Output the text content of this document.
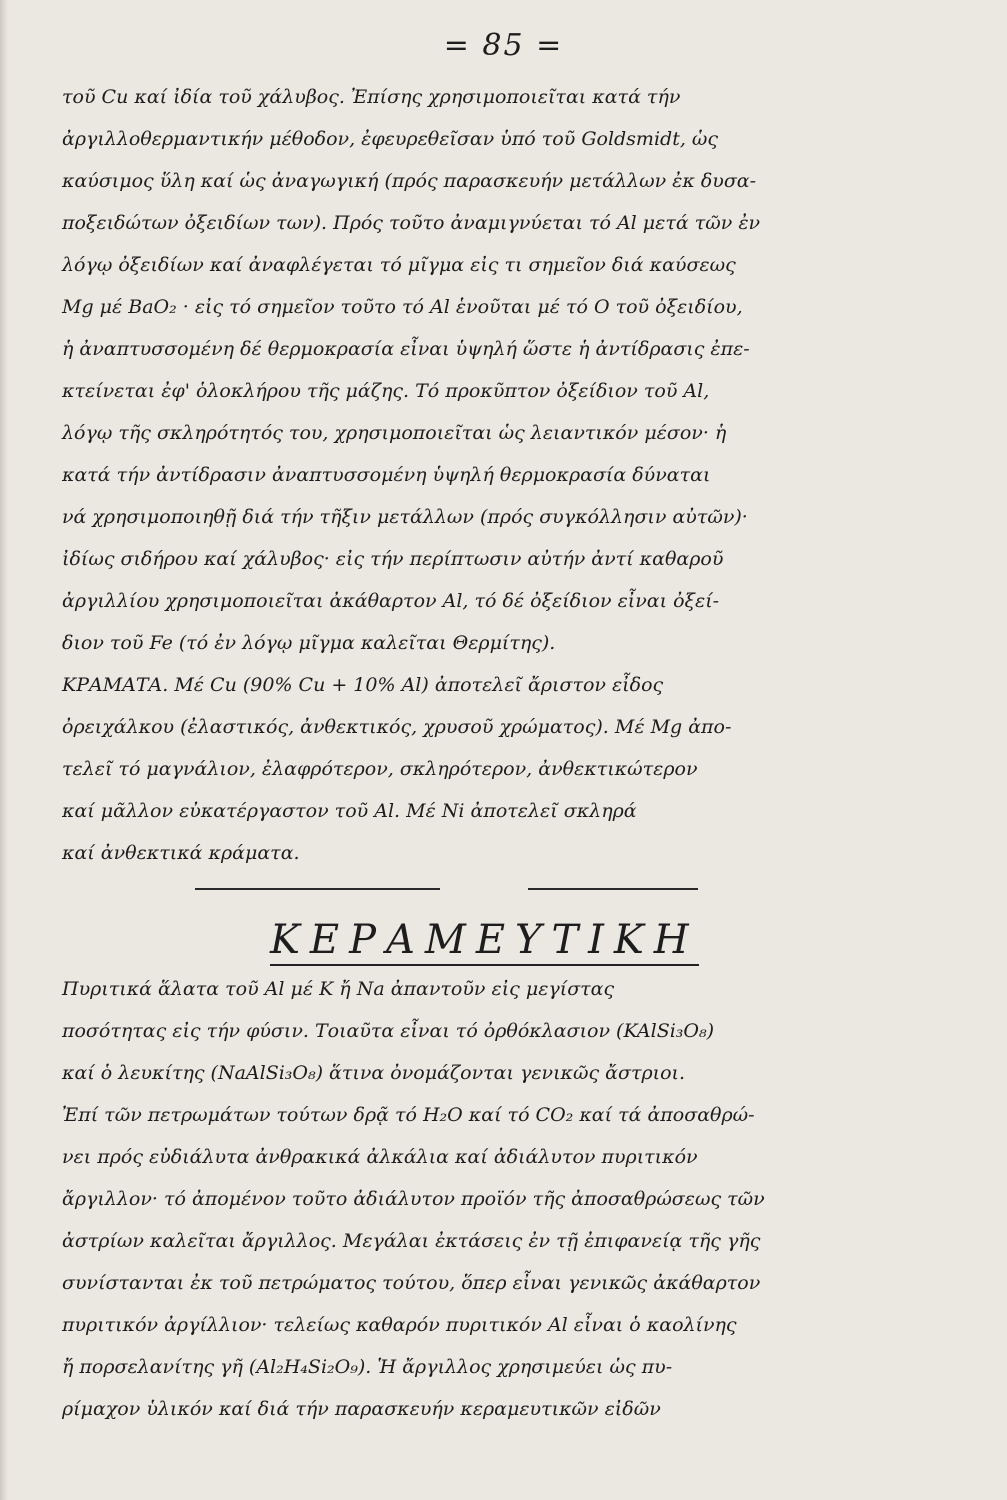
= 85 =
τοῦ Cu καί ἰδία τοῦ χάλυβος. Ἐπίσης χρησιμοποιεῖται κατά τήν
ἀργιλλοθερμαντικήν μέθοδον, ἐφευρεθεῖσαν ὑπό τοῦ Goldsmidt, ὡς
καύσιμος ὕλη καί ὡς ἀναγωγική (πρός παρασκευήν μετάλλων ἐκ δυσα-
ποξειδώτων ὀξειδίων των). Πρός τοῦτο ἀναμιγνύεται τό Al μετά τῶν ἐν
λόγῳ ὀξειδίων καί ἀναφλέγεται τό μῖγμα εἰς τι σημεῖον διά καύσεως
Mg μέ BaO₂ · εἰς τό σημεῖον τοῦτο τό Al ἑνοῦται μέ τό O τοῦ ὀξειδίου,
ἡ ἀναπτυσσομένη δέ θερμοκρασία εἶναι ὑψηλή ὥστε ἡ ἀντίδρασις ἐπε-
κτείνεται ἐφ' ὁλοκλήρου τῆς μάζης. Τό προκῦπτον ὀξείδιον τοῦ Al,
λόγῳ τῆς σκληρότητός του, χρησιμοποιεῖται ὡς λειαντικόν μέσον· ἡ
κατά τήν ἀντίδρασιν ἀναπτυσσομένη ὑψηλή θερμοκρασία δύναται
νά χρησιμοποιηθῇ διά τήν τῆξιν μετάλλων (πρός συγκόλλησιν αὐτῶν)·
ἰδίως σιδήρου καί χάλυβος· εἰς τήν περίπτωσιν αὐτήν ἀντί καθαροῦ
ἀργιλλίου χρησιμοποιεῖται ἀκάθαρτον Al, τό δέ ὀξείδιον εἶναι ὀξεί-
διον τοῦ Fe (τό ἐν λόγῳ μῖγμα καλεῖται Θερμίτης).
ΚΡΑΜΑΤΑ. Μέ Cu (90% Cu + 10% Al) ἀποτελεῖ ἄριστον εἶδος
ὀρειχάλκου (ἐλαστικός, ἀνθεκτικός, χρυσοῦ χρώματος). Μέ Mg ἀπο-
τελεῖ τό μαγνάλιον, ἐλαφρότερον, σκληρότερον, ἀνθεκτικώτερον
καί μᾶλλον εὐκατέργαστον τοῦ Al. Μέ Ni ἀποτελεῖ σκληρά
καί ἀνθεκτικά κράματα.
ΚΕΡΑΜΕΥΤΙΚΗ
Πυριτικά ἅλατα τοῦ Al μέ K ἤ Na ἀπαντοῦν εἰς μεγίστας
ποσότητας εἰς τήν φύσιν. Τοιαῦτα εἶναι τό ὀρθόκλασιον (KAlSi₃O₈)
καί ὁ λευκίτης (NaAlSi₃O₈) ἅτινα ὀνομάζονται γενικῶς ἄστριοι.
Ἐπί τῶν πετρωμάτων τούτων δρᾷ τό H₂O καί τό CO₂ καί τά ἀποσαθρώ-
νει πρός εὐδιάλυτα ἀνθρακικά ἀλκάλια καί ἀδιάλυτον πυριτικόν
ἄργιλλον· τό ἀπομένον τοῦτο ἀδιάλυτον προϊόν τῆς ἀποσαθρώσεως τῶν
ἀστρίων καλεῖται ἄργιλλος. Μεγάλαι ἐκτάσεις ἐν τῇ ἐπιφανείᾳ τῆς γῆς
συνίστανται ἐκ τοῦ πετρώματος τούτου, ὅπερ εἶναι γενικῶς ἀκάθαρτον
πυριτικόν ἀργίλλιον· τελείως καθαρόν πυριτικόν Al εἶναι ὁ καολίνης
ἤ πορσελανίτης γῆ (Al₂H₄Si₂O₉). Ἡ ἄργιλλος χρησιμεύει ὡς πυ-
ρίμαχον ὑλικόν καί διά τήν παρασκευήν κεραμευτικῶν εἰδῶν
